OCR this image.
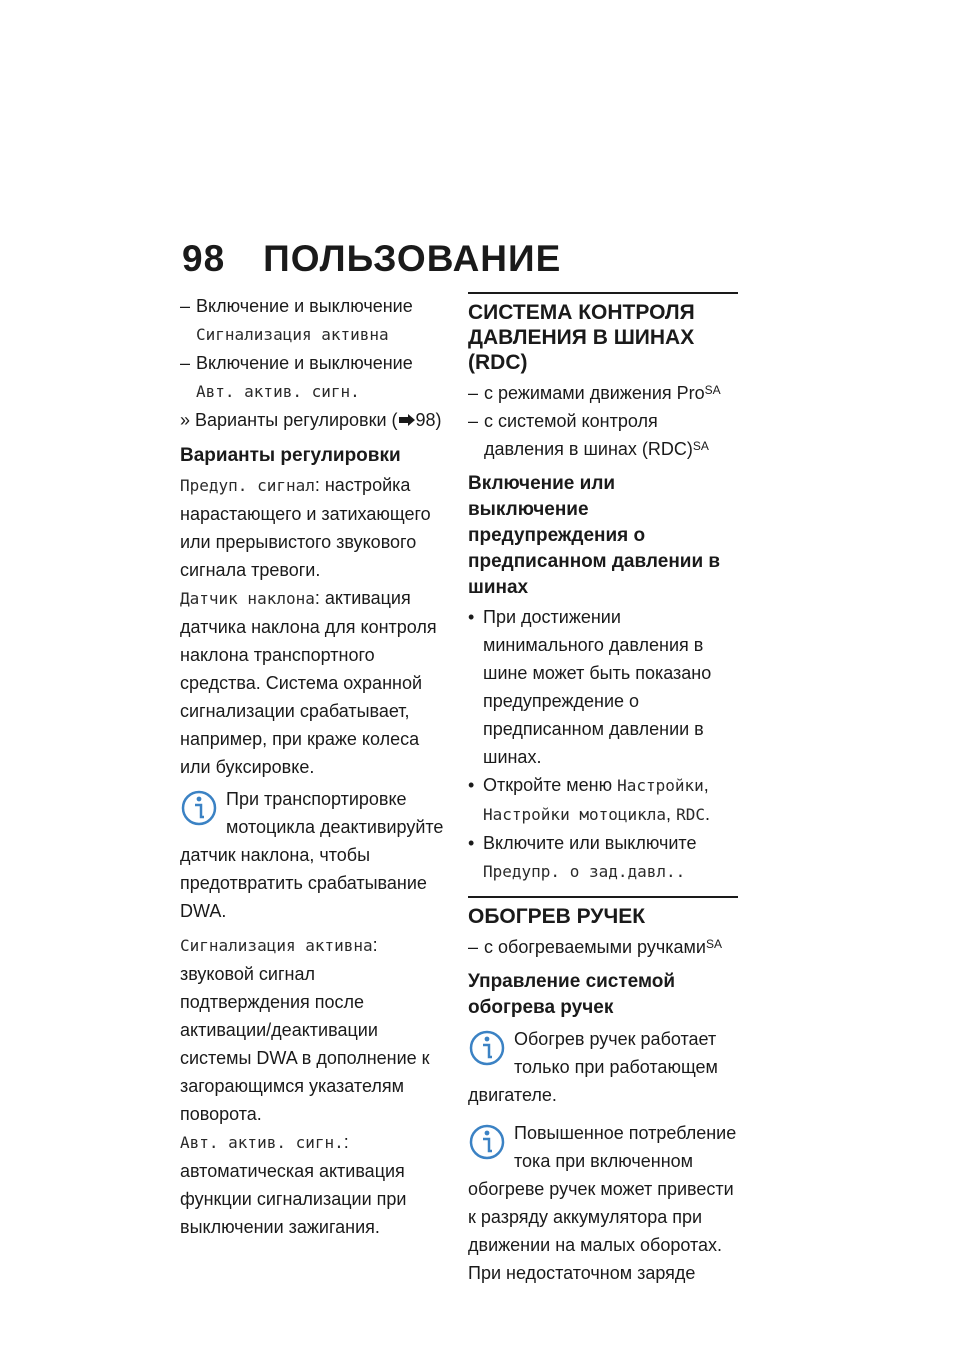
98 ПОЛЬЗОВАНИЕ
– Включение и выключение
Сигнализация активна
– Включение и выключение
Авт. актив. сигн.
» Варианты регулировки ( 98)
Варианты регулировки

Предуп. сигнал: настройка нарастающего и затихающего или прерывистого звукового сигнала тревоги.

Датчик наклона: активация датчика наклона для контроля наклона транспортного средства. Система охранной сигнализации срабатывает, например, при краже колеса или буксировке.

При транспортировке мотоцикла деактивируйте датчик наклона, чтобы предотвратить срабатывание DWA.

Сигнализация активна: звуковой сигнал подтверждения после активации/деактивации системы DWA в дополнение к загорающимся указателям поворота.

Авт. актив. сигн.: автоматическая активация функции сигнализации при выключении зажигания.

СИСТЕМА КОНТРОЛЯ ДАВЛЕНИЯ В ШИНАХ (RDC)
– с режимами движения Pro$^{SA}$
– с системой контроля давления в шинах (RDC)$^{SA}$
Включение или выключение предупреждения о предписанном давлении в шинах
• При достижении минимального давления в шине может быть показано предупреждение о предписанном давлении в шинах.
• Откройте меню Настройки, Настройки мотоцикла, RDC.
• Включите или выключите
Предупр. о зад.давл..
ОБОГРЕВ РУЧЕК
– с обогреваемыми ручками$^{SA}$
Управление системой обогрева ручек
Обогрев ручек работает только при работающем двигателе.
Повышенное потребление тока при включенном обогреве ручек может привести к разряду аккумулятора при движении на малых оборотах. При недостаточном заряде
